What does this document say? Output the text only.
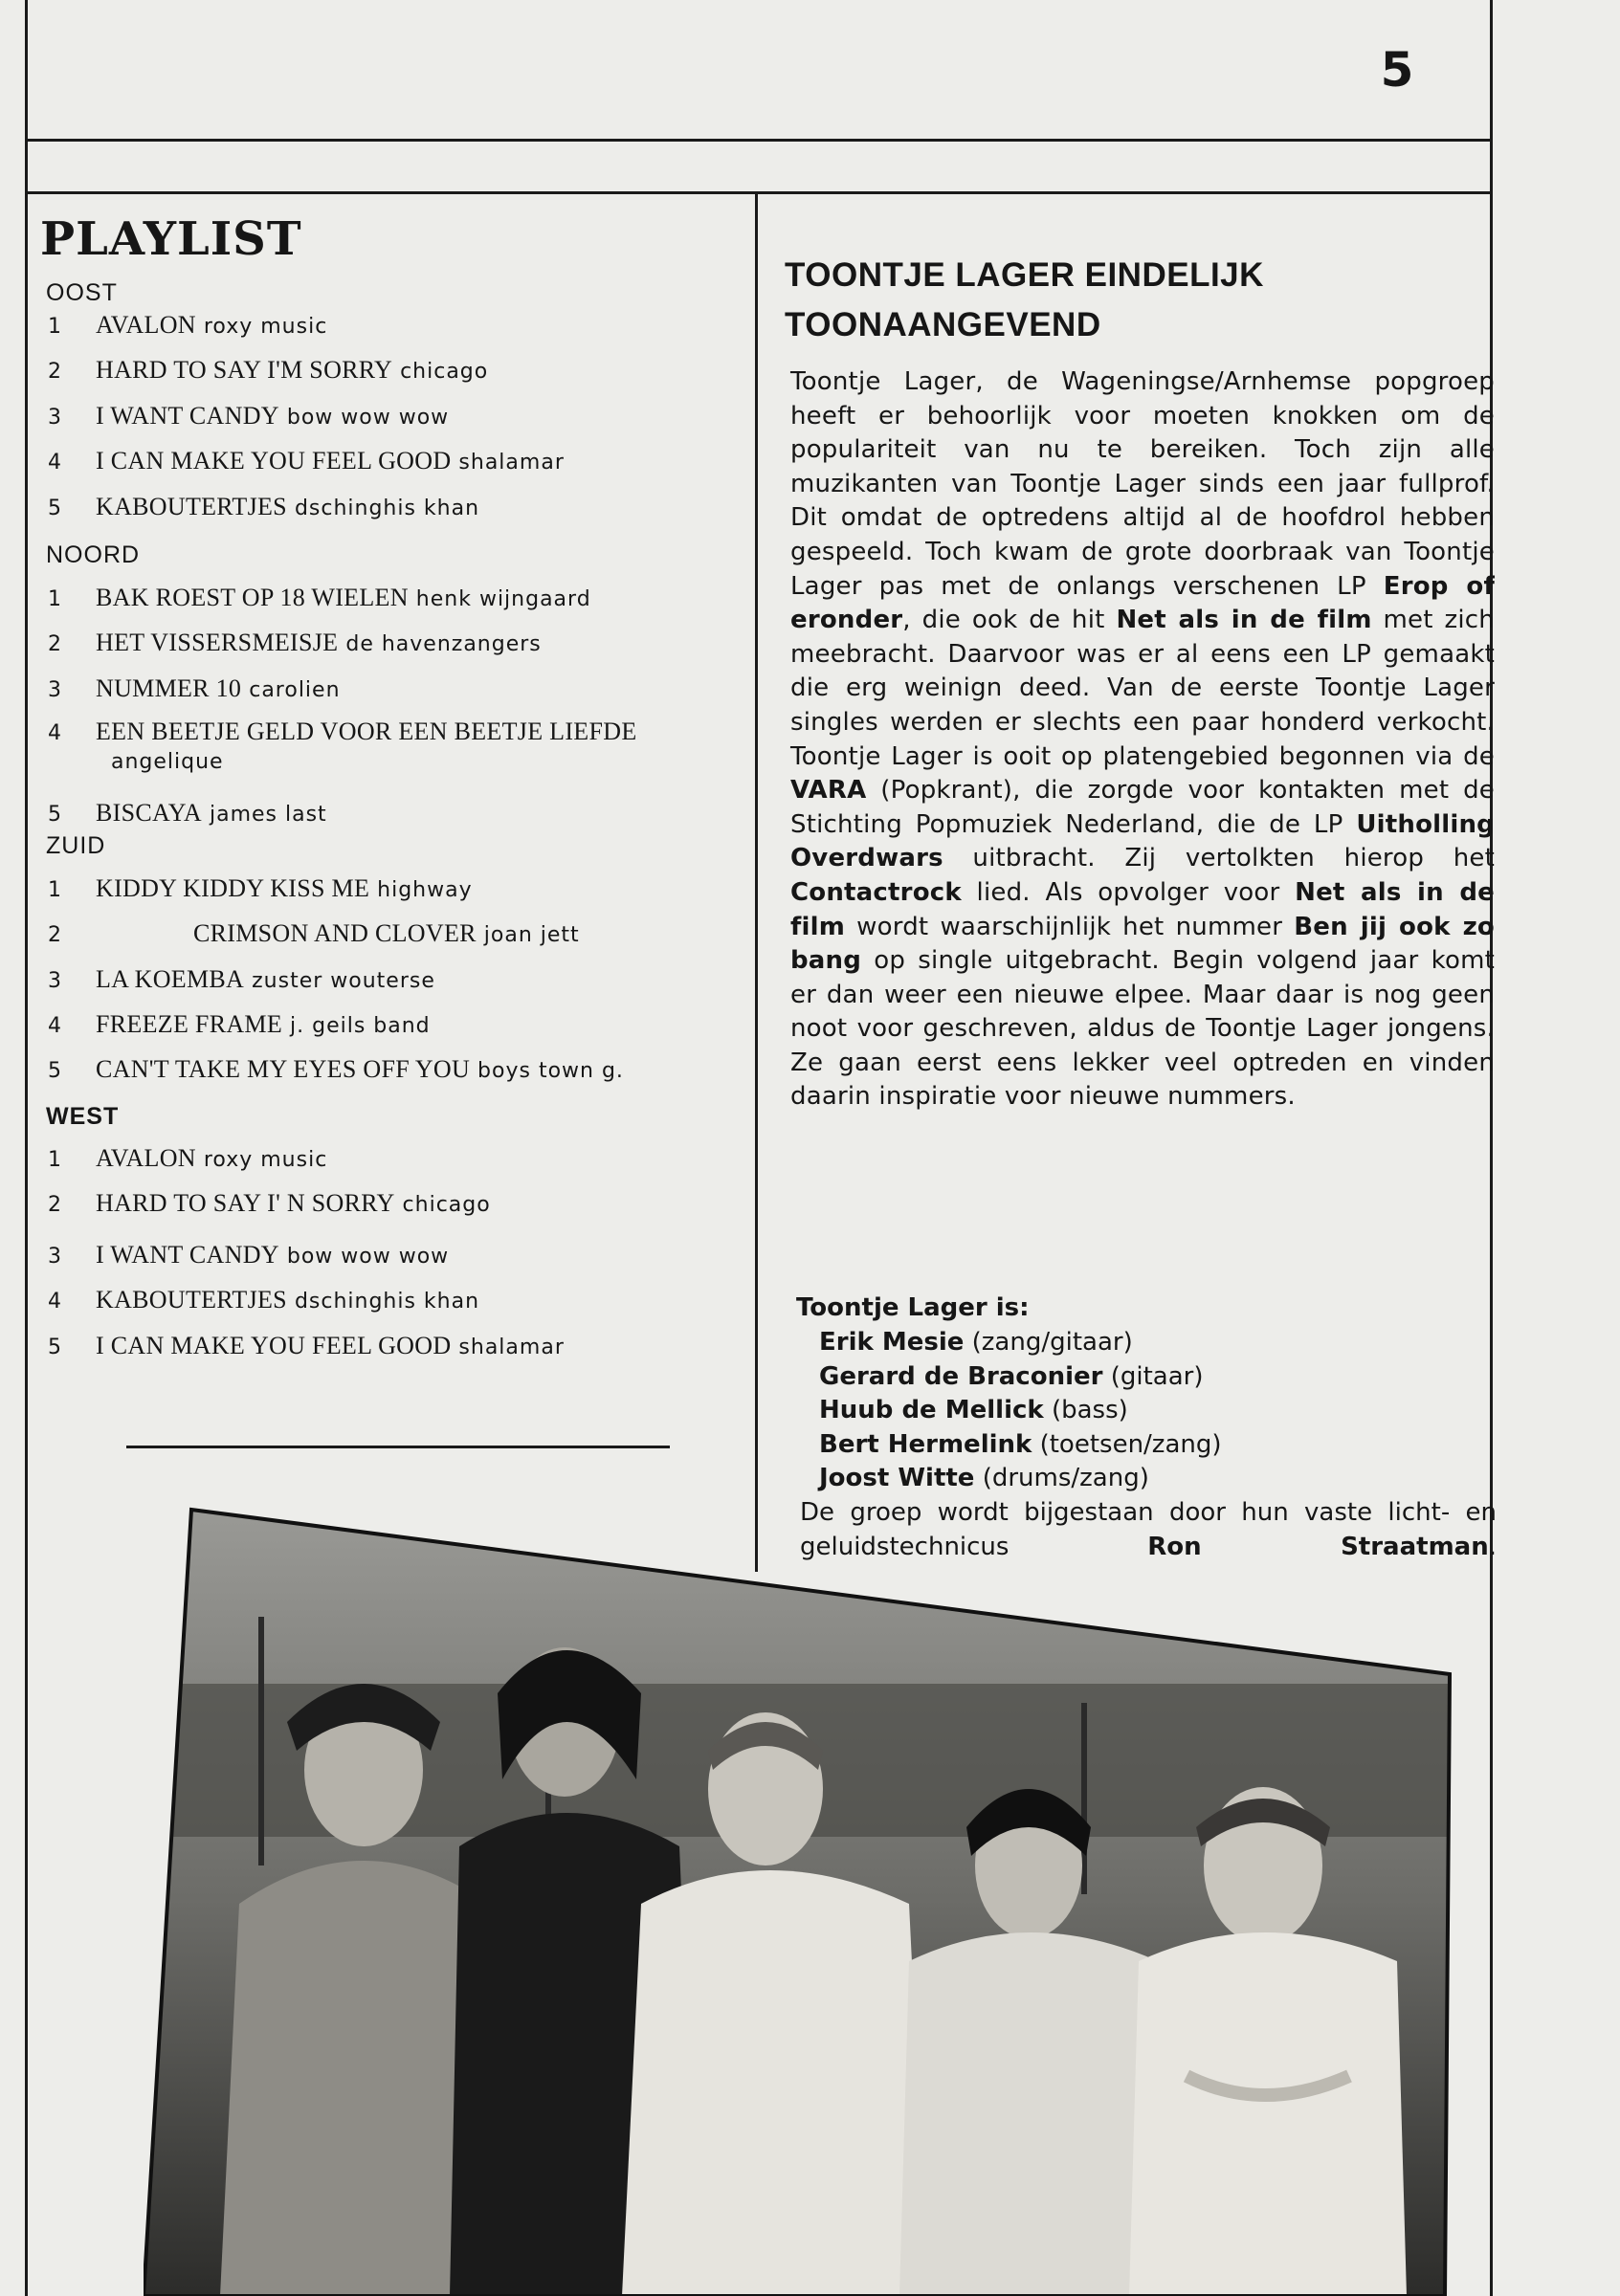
5
PLAYLIST
OOST
1 AVALON roxy music
2 HARD TO SAY I'M SORRY chicago
3 I WANT CANDY bow wow wow
4 I CAN MAKE YOU FEEL GOOD shalamar
5 KABOUTERTJES dschinghis khan
NOORD
1 BAK ROEST OP 18 WIELEN henk wijngaard
2 HET VISSERSMEISJE de havenzangers
3 NUMMER 10 carolien
4 EEN BEETJE GELD VOOR EEN BEETJE LIEFDE
angelique
5 BISCAYA james last
ZUID
1 KIDDY KIDDY KISS ME highway
2	CRIMSON AND CLOVER joan jett
3 LA KOEMBA zuster wouterse
4 FREEZE FRAME j. geils band
5 CAN'T TAKE MY EYES OFF YOU boys town g.
WEST
1 AVALON roxy music
2 HARD TO SAY I' N SORRY chicago
3 I WANT CANDY bow wow wow
4 KABOUTERTJES dschinghis khan
5 I CAN MAKE YOU FEEL GOOD shalamar
TOONTJE LAGER EINDELIJK
TOONAANGEVEND
Toontje Lager, de Wageningse/Arnhemse popgroep heeft er behoorlijk voor moeten knokken om de populariteit van nu te bereiken. Toch zijn alle muzikanten van Toontje Lager sinds een jaar fullprof. Dit omdat de optredens altijd al de hoofdrol hebben gespeeld. Toch kwam de grote doorbraak van Toontje Lager pas met de onlangs verschenen LP Erop of eronder, die ook de hit Net als in de film met zich meebracht. Daarvoor was er al eens een LP gemaakt die erg weinign deed. Van de eerste Toontje Lager singles werden er slechts een paar honderd verkocht. Toontje Lager is ooit op platengebied begonnen via de VARA (Popkrant), die zorgde voor kontakten met de Stichting Popmuziek Nederland, die de LP Uitholling Overdwars uitbracht. Zij vertolkten hierop het Contactrock lied. Als opvolger voor Net als in de film wordt waarschijnlijk het nummer Ben jij ook zo bang op single uitgebracht. Begin volgend jaar komt er dan weer een nieuwe elpee. Maar daar is nog geen noot voor geschreven, aldus de Toontje Lager jongens. Ze gaan eerst eens lekker veel optreden en vinden daarin inspiratie voor nieuwe nummers.
Toontje Lager is:
Erik Mesie (zang/gitaar)
Gerard de Braconier (gitaar)
Huub de Mellick (bass)
Bert Hermelink (toetsen/zang)
Joost Witte (drums/zang)
De groep wordt bijgestaan door hun vaste licht- en geluidstechnicus Ron Straatman.
